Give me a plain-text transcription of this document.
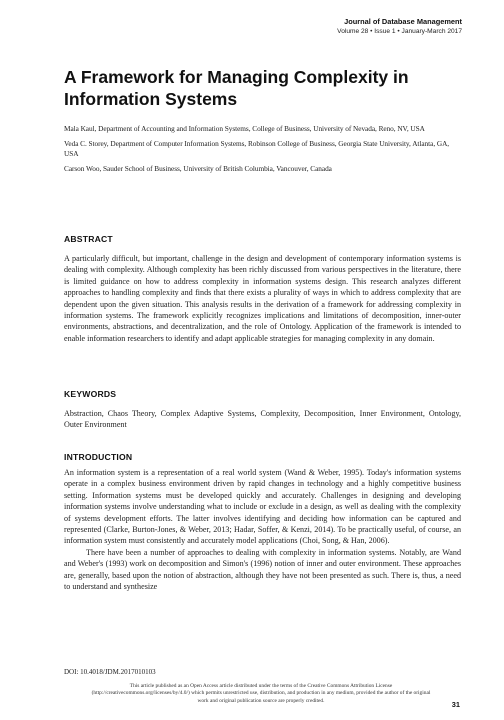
Journal of Database Management
Volume 28 • Issue 1 • January-March 2017
A Framework for Managing Complexity in Information Systems
Mala Kaul, Department of Accounting and Information Systems, College of Business, University of Nevada, Reno, NV, USA
Veda C. Storey, Department of Computer Information Systems, Robinson College of Business, Georgia State University, Atlanta, GA, USA
Carson Woo, Sauder School of Business, University of British Columbia, Vancouver, Canada
ABSTRACT

A particularly difficult, but important, challenge in the design and development of contemporary information systems is dealing with complexity. Although complexity has been richly discussed from various perspectives in the literature, there is limited guidance on how to address complexity in information systems design. This research analyzes different approaches to handling complexity and finds that there exists a plurality of ways in which to address complexity that are dependent upon the given situation. This analysis results in the derivation of a framework for addressing complexity in information systems. The framework explicitly recognizes implications and limitations of decomposition, inner-outer environments, abstractions, and decentralization, and the role of Ontology. Application of the framework is intended to enable information researchers to identify and adapt applicable strategies for managing complexity in any domain.

KEYWORDS

Abstraction, Chaos Theory, Complex Adaptive Systems, Complexity, Decomposition, Inner Environment, Ontology, Outer Environment

INTRODUCTION

An information system is a representation of a real world system (Wand & Weber, 1995). Today's information systems operate in a complex business environment driven by rapid changes in technology and a highly competitive business setting. Information systems must be developed quickly and accurately. Challenges in designing and developing information systems involve understanding what to include or exclude in a design, as well as dealing with the complexity of systems development efforts. The latter involves identifying and deciding how information can be captured and represented (Clarke, Burton-Jones, & Weber, 2013; Hadar, Soffer, & Kenzi, 2014). To be practically useful, of course, an information system must consistently and accurately model applications (Choi, Song, & Han, 2006).

There have been a number of approaches to dealing with complexity in information systems. Notably, are Wand and Weber's (1993) work on decomposition and Simon's (1996) notion of inner and outer environment. These approaches are, generally, based upon the notion of abstraction, although they have not been presented as such. There is, thus, a need to understand and synthesize

DOI: 10.4018/JDM.2017010103
This article published as an Open Access article distributed under the terms of the Creative Commons Attribution License (http://creativecommons.org/licenses/by/4.0/) which permits unrestricted use, distribution, and production in any medium, provided the author of the original work and original publication source are properly credited.	31
